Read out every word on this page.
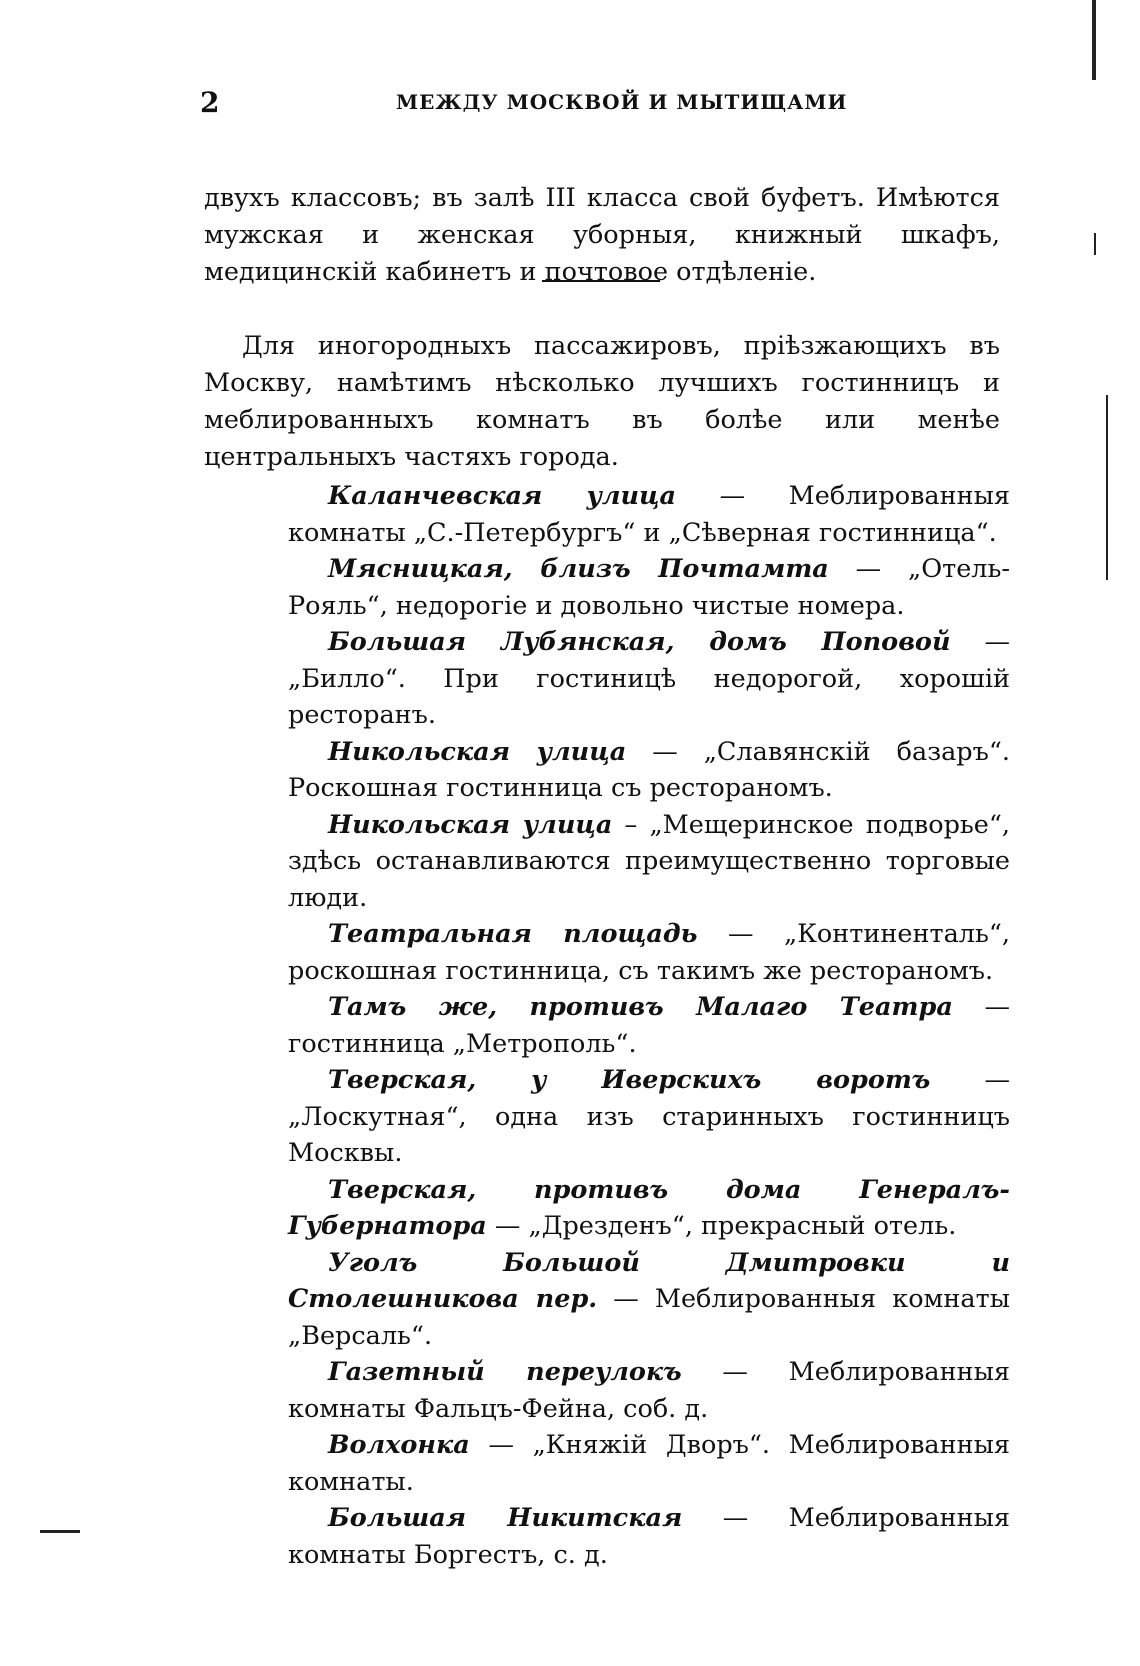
2	МЕЖДУ МОСКВОЙ И МЫТИЩАМИ

двухъ классовъ; въ залѣ III класса свой буфетъ. Имѣются мужская и женская уборныя, книжный шкафъ, медицинскій кабинетъ и почтовое отдѣленіе.

Для иногородныхъ пассажировъ, пріѣзжающихъ въ Москву, намѣтимъ нѣсколько лучшихъ гостинницъ и меблированныхъ комнатъ въ болѣе или менѣе центральныхъ частяхъ города.

Каланчевская улица — Меблированныя комнаты „С.-Петербургъ“ и „Сѣверная гостинница“.

Мясницкая, близъ Почтамта — „Отель-Рояль“, недорогіе и довольно чистые номера.

Большая Лубянская, домъ Поповой — „Билло“. При гостиницѣ недорогой, хорошій ресторанъ.

Никольская улица — „Славянскій базаръ“. Роскошная гостинница съ рестораномъ.

Никольская улица – „Мещеринское подворье“, здѣсь останавливаются преимущественно торговые люди.

Театральная площадь — „Континенталь“, роскошная гостинница, съ такимъ же рестораномъ.

Тамъ же, противъ Малаго Театра — гостинница „Метрополь“.

Тверская, у Иверскихъ воротъ — „Лоскутная“, одна изъ старинныхъ гостинницъ Москвы.

Тверская, противъ дома Генералъ-Губернатора — „Дрезденъ“, прекрасный отель.

Уголъ Большой Дмитровки и Столешникова пер. — Меблированныя комнаты „Версаль“.

Газетный переулокъ — Меблированныя комнаты Фальцъ-Фейна, соб. д.

Волхонка — „Княжій Дворъ“. Меблированныя комнаты.

Большая Никитская — Меблированныя комнаты Боргестъ, с. д.
